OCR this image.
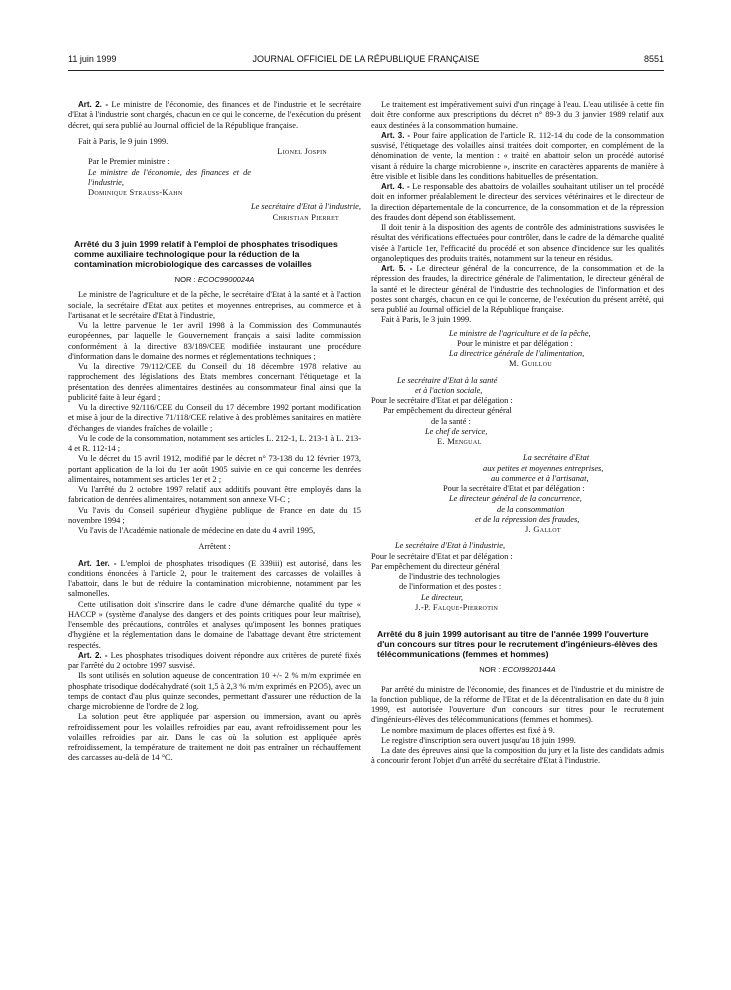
11 juin 1999	JOURNAL OFFICIEL DE LA RÉPUBLIQUE FRANÇAISE	8551

Art. 2. - Le ministre de l'économie, des finances et de l'industrie et le secrétaire d'Etat à l'industrie sont chargés, chacun en ce qui le concerne, de l'exécution du présent décret, qui sera publié au Journal officiel de la République française.

Fait à Paris, le 9 juin 1999.

Lionel Jospin

Par le Premier ministre :

Le ministre de l'économie, des finances et de l'industrie,

Dominique Strauss-Kahn

Le secrétaire d'Etat à l'industrie,

Christian Pierret

Arrêté du 3 juin 1999 relatif à l'emploi de phosphates trisodiques comme auxiliaire technologique pour la réduction de la contamination microbiologique des carcasses de volailles

NOR : ECOC9900024A

Le ministre de l'agriculture et de la pêche, le secrétaire d'Etat à la santé et à l'action sociale, la secrétaire d'Etat aux petites et moyennes entreprises, au commerce et à l'artisanat et le secrétaire d'Etat à l'industrie,

Vu la lettre parvenue le 1er avril 1998 à la Commission des Communautés européennes, par laquelle le Gouvernement français a saisi ladite commission conformément à la directive 83/189/CEE modifiée instaurant une procédure d'information dans le domaine des normes et réglementations techniques ;

Vu la directive 79/112/CEE du Conseil du 18 décembre 1978 relative au rapprochement des législations des Etats membres concernant l'étiquetage et la présentation des denrées alimentaires destinées au consommateur final ainsi que la publicité faite à leur égard ;

Vu la directive 92/116/CEE du Conseil du 17 décembre 1992 portant modification et mise à jour de la directive 71/118/CEE relative à des problèmes sanitaires en matière d'échanges de viandes fraîches de volaille ;

Vu le code de la consommation, notamment ses articles L. 212-1, L. 213-1 à L. 213-4 et R. 112-14 ;

Vu le décret du 15 avril 1912, modifié par le décret n° 73-138 du 12 février 1973, portant application de la loi du 1er août 1905 suivie en ce qui concerne les denrées alimentaires, notamment ses articles 1er et 2 ;

Vu l'arrêté du 2 octobre 1997 relatif aux additifs pouvant être employés dans la fabrication de denrées alimentaires, notamment son annexe VI-C ;

Vu l'avis du Conseil supérieur d'hygiène publique de France en date du 15 novembre 1994 ;

Vu l'avis de l'Académie nationale de médecine en date du 4 avril 1995,

Arrêtent :

Art. 1er. - L'emploi de phosphates trisodiques (E 339iii) est autorisé, dans les conditions énoncées à l'article 2, pour le traitement des carcasses de volailles à l'abattoir, dans le but de réduire la contamination microbienne, notamment par les salmonelles.

Cette utilisation doit s'inscrire dans le cadre d'une démarche qualité du type « HACCP » (système d'analyse des dangers et des points critiques pour leur maîtrise), l'ensemble des précautions, contrôles et analyses qu'imposent les bonnes pratiques d'hygiène et la réglementation dans le domaine de l'abattage devant être strictement respectés.

Art. 2. - Les phosphates trisodiques doivent répondre aux critères de pureté fixés par l'arrêté du 2 octobre 1997 susvisé.

Ils sont utilisés en solution aqueuse de concentration 10 +/- 2 % m/m exprimée en phosphate trisodique dodécahydraté (soit 1,5 à 2,3 % m/m exprimés en P2O5), avec un temps de contact d'au plus quinze secondes, permettant d'assurer une réduction de la charge microbienne de l'ordre de 2 log.

La solution peut être appliquée par aspersion ou immersion, avant ou après refroidissement pour les volailles refroidies par eau, avant refroidissement pour les volailles refroidies par air. Dans le cas où la solution est appliquée après refroidissement, la température de traitement ne doit pas entraîner un réchauffement des carcasses au-delà de 14 °C.

Le traitement est impérativement suivi d'un rinçage à l'eau. L'eau utilisée à cette fin doit être conforme aux prescriptions du décret n° 89-3 du 3 janvier 1989 relatif aux eaux destinées à la consommation humaine.

Art. 3. - Pour faire application de l'article R. 112-14 du code de la consommation susvisé, l'étiquetage des volailles ainsi traitées doit comporter, en complément de la dénomination de vente, la mention : « traité en abattoir selon un procédé autorisé visant à réduire la charge microbienne », inscrite en caractères apparents de manière à être visible et lisible dans les conditions habituelles de présentation.

Art. 4. - Le responsable des abattoirs de volailles souhaitant utiliser un tel procédé doit en informer préalablement le directeur des services vétérinaires et le directeur de la direction départementale de la concurrence, de la consommation et de la répression des fraudes dont dépend son établissement.

Il doit tenir à la disposition des agents de contrôle des administrations susvisées le résultat des vérifications effectuées pour contrôler, dans le cadre de la démarche qualité visée à l'article 1er, l'efficacité du procédé et son absence d'incidence sur les qualités organoleptiques des produits traités, notamment sur la teneur en résidus.

Art. 5. - Le directeur général de la concurrence, de la consommation et de la répression des fraudes, la directrice générale de l'alimentation, le directeur général de la santé et le directeur général de l'industrie des technologies de l'information et des postes sont chargés, chacun en ce qui le concerne, de l'exécution du présent arrêté, qui sera publié au Journal officiel de la République française.

Fait à Paris, le 3 juin 1999.

Le ministre de l'agriculture et de la pêche,

Pour le ministre et par délégation :

La directrice générale de l'alimentation,

M. Guillou

Le secrétaire d'Etat à la santé

et à l'action sociale,

Pour le secrétaire d'Etat et par délégation :

Par empêchement du directeur général

de la santé :

Le chef de service,

E. Mengual

La secrétaire d'Etat

aux petites et moyennes entreprises,

au commerce et à l'artisanat,

Pour la secrétaire d'Etat et par délégation :

Le directeur général de la concurrence,

de la consommation

et de la répression des fraudes,

J. Gallot

Le secrétaire d'Etat à l'industrie,

Pour le secrétaire d'Etat et par délégation :

Par empêchement du directeur général

de l'industrie des technologies

de l'information et des postes :

Le directeur,

J.-P. Falque-Pierrotin

Arrêté du 8 juin 1999 autorisant au titre de l'année 1999 l'ouverture d'un concours sur titres pour le recrutement d'ingénieurs-élèves des télécommunications (femmes et hommes)

NOR : ECOI9920144A

Par arrêté du ministre de l'économie, des finances et de l'industrie et du ministre de la fonction publique, de la réforme de l'Etat et de la décentralisation en date du 8 juin 1999, est autorisée l'ouverture d'un concours sur titres pour le recrutement d'ingénieurs-élèves des télécommunications (femmes et hommes).

Le nombre maximum de places offertes est fixé à 9.

Le registre d'inscription sera ouvert jusqu'au 18 juin 1999.

La date des épreuves ainsi que la composition du jury et la liste des candidats admis à concourir feront l'objet d'un arrêté du secrétaire d'Etat à l'industrie.
